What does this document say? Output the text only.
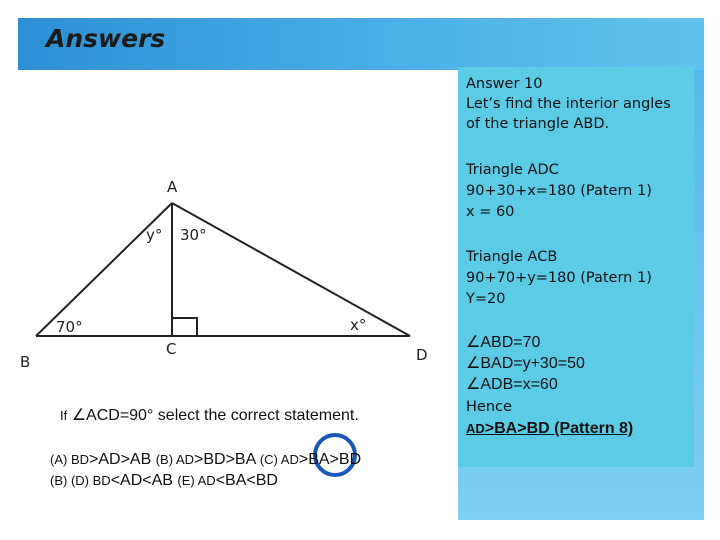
Answers
A
y° 30°
70°	x°
B
C	D

If ∠ACD=90° select the correct statement.

(A) BD>AD>AB (B) AD>BD>BA (C) AD>BA>BD
(B) (D) BD<AD<AB (E) AD<BA<BD

Answer 10

Let’s find the interior angles

of the triangle ABD.

Triangle ADC

90+30+x=180 (Patern 1)

x = 60

Triangle ACB

90+70+y=180 (Patern 1)

Y=20

∠ABD=70

∠BAD=y+30=50

∠ADB=x=60

Hence

AD>BA>BD (Pattern 8)
